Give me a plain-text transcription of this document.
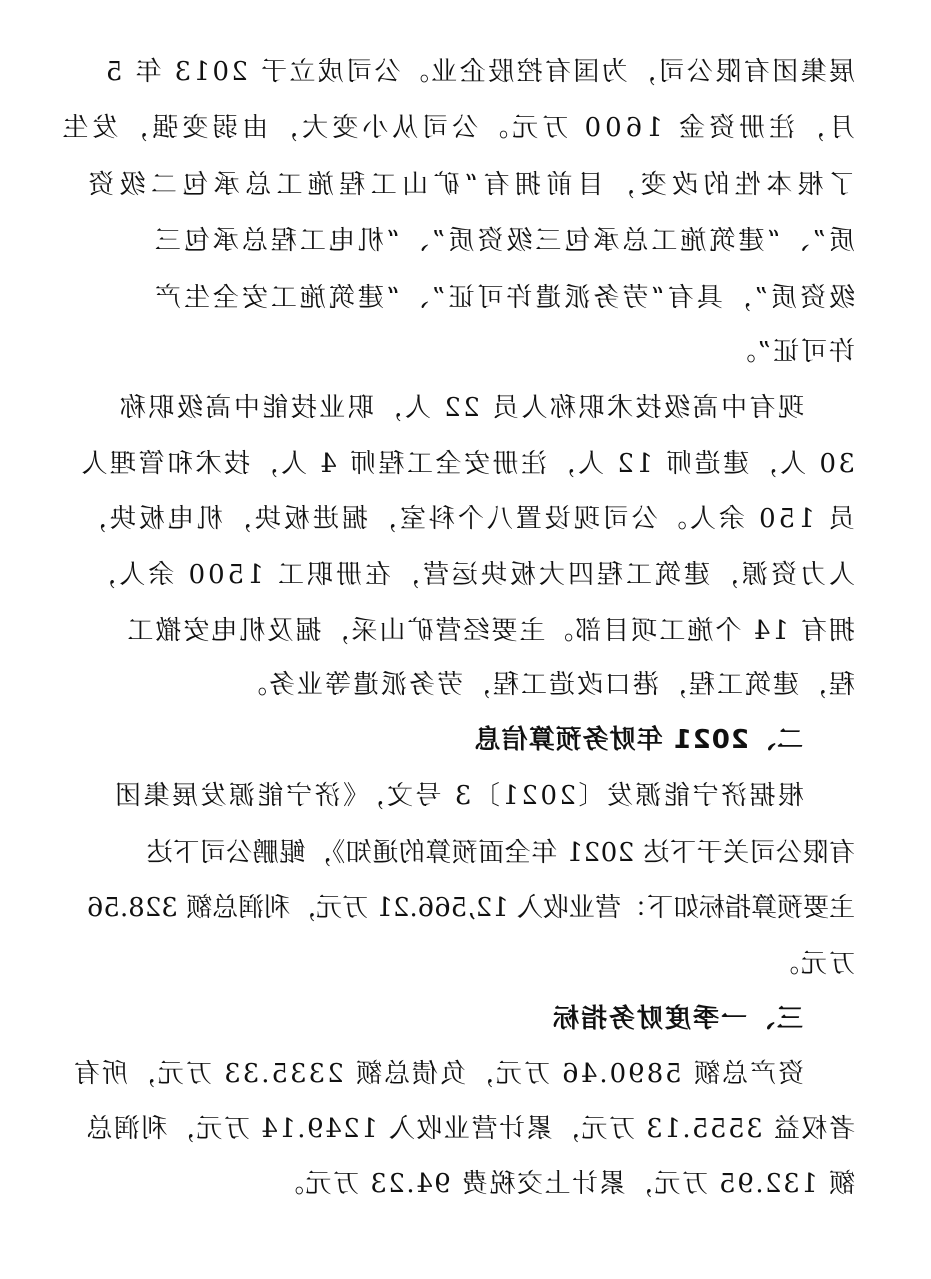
展集团有限公司，为国有控股企业。公司成立于 2013 年 5
月，注册资金 1600 万元。公司从小变大，由弱变强，发生
了根本性的改变，目前拥有“矿山工程施工总承包二级资
质”、“建筑施工总承包三级资质”、“机电工程总承包三
级资质”，具有“劳务派遣许可证”、“建筑施工安全生产
许可证”。
现有中高级技术职称人员 22 人，职业技能中高级职称
30 人，建造师 12 人，注册安全工程师 4 人，技术和管理人
员 150 余人。公司现设置八个科室，掘进板块，机电板块，
人力资源，建筑工程四大板块运营，在册职工 1500 余人，
拥有 14 个施工项目部。主要经营矿山采，掘及机电安撤工
程，建筑工程，港口改造工程，劳务派遣等业务。
二、2021 年财务预算信息
根据济宁能源发〔2021〕3 号文，《济宁能源发展集团
有限公司关于下达 2021 年全面预算的通知》，鲲鹏公司下达
主要预算指标如下：营业收入 12,566.21 万元，利润总额 328.56
万元。
三、一季度财务指标
资产总额 5890.46 万元，负债总额 2335.33 万元，所有
者权益 3555.13 万元，累计营业收入 1249.14 万元，利润总
额 132.95 万元，累计上交税费 94.23 万元。
